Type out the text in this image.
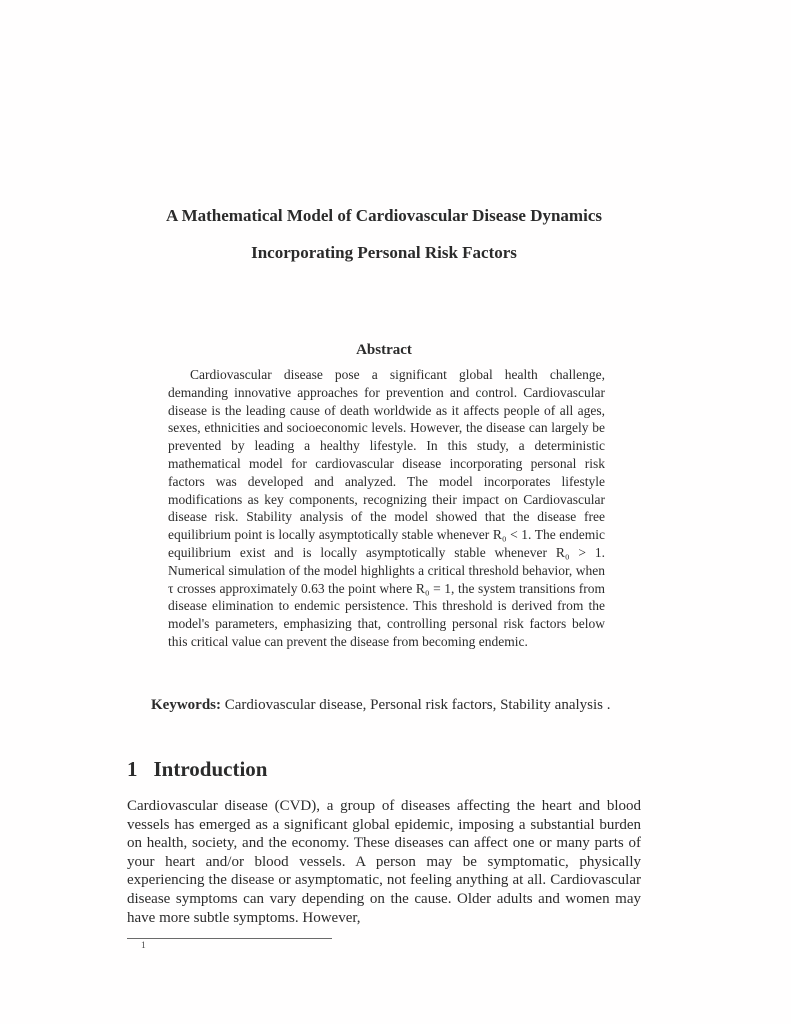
A Mathematical Model of Cardiovascular Disease Dynamics
Incorporating Personal Risk Factors
Abstract
Cardiovascular disease pose a significant global health challenge, demanding innovative approaches for prevention and control. Cardiovascular disease is the leading cause of death worldwide as it affects people of all ages, sexes, ethnicities and socioeconomic levels. However, the disease can largely be prevented by leading a healthy lifestyle. In this study, a deterministic mathematical model for cardiovascular disease incorporating personal risk factors was developed and analyzed. The model incorporates lifestyle modifications as key components, recognizing their impact on Cardiovascular disease risk. Stability analysis of the model showed that the disease free equilibrium point is locally asymptotically stable whenever R₀ < 1. The endemic equilibrium exist and is locally asymptotically stable whenever R₀ > 1. Numerical simulation of the model highlights a critical threshold behavior, when τ crosses approximately 0.63 the point where R₀ = 1, the system transitions from disease elimination to endemic persistence. This threshold is derived from the model's parameters, emphasizing that, controlling personal risk factors below this critical value can prevent the disease from becoming endemic.
Keywords: Cardiovascular disease, Personal risk factors, Stability analysis .
1 Introduction
Cardiovascular disease (CVD), a group of diseases affecting the heart and blood vessels has emerged as a significant global epidemic, imposing a substantial burden on health, society, and the economy. These diseases can affect one or many parts of your heart and/or blood vessels. A person may be symptomatic, physically experiencing the disease or asymptomatic, not feeling anything at all. Cardiovascular disease symptoms can vary depending on the cause. Older adults and women may have more subtle symptoms. However,
1
